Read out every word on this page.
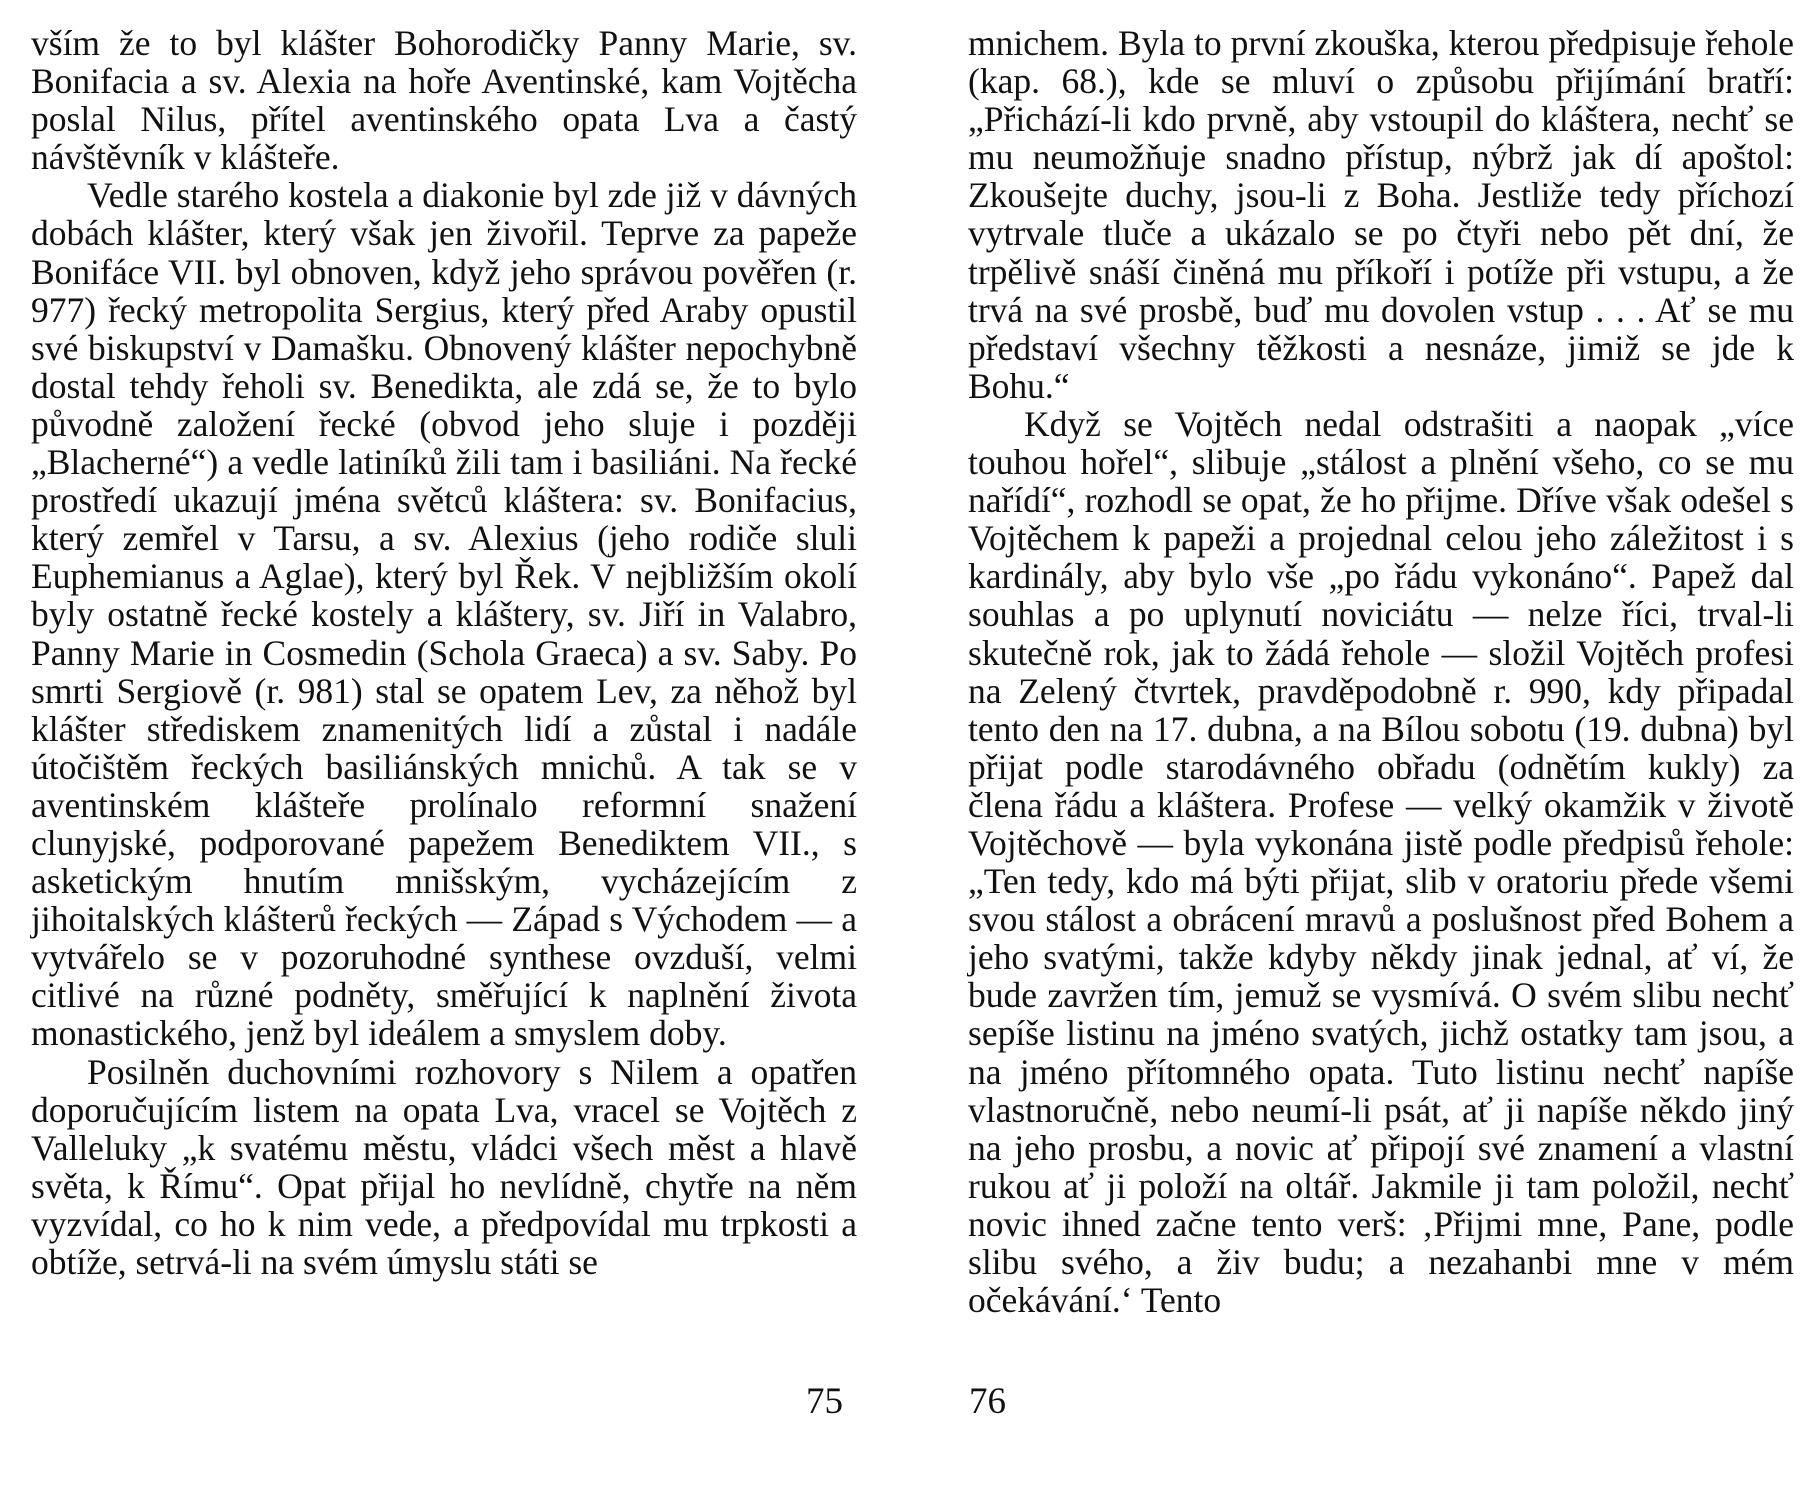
vším že to byl klášter Bohorodičky Panny Marie, sv. Bonifacia a sv. Alexia na hoře Aventinské, kam Vojtěcha poslal Nilus, přítel aventinského opata Lva a častý návštěvník v klášteře.

Vedle starého kostela a diakonie byl zde již v dávných dobách klášter, který však jen živořil. Teprve za papeže Bonifáce VII. byl obnoven, když jeho správou pověřen (r. 977) řecký metropolita Sergius, který před Araby opustil své biskupství v Damašku. Obnovený klášter nepochybně dostal tehdy řeholi sv. Benedikta, ale zdá se, že to bylo původně založení řecké (obvod jeho sluje i později „Blacherné“) a vedle latiníků žili tam i basiliáni. Na řecké prostředí ukazují jména světců kláštera: sv. Bonifacius, který zemřel v Tarsu, a sv. Alexius (jeho rodiče sluli Euphemianus a Aglae), který byl Řek. V nejbližším okolí byly ostatně řecké kostely a kláštery, sv. Jiří in Valabro, Panny Marie in Cosmedin (Schola Graeca) a sv. Saby. Po smrti Sergiově (r. 981) stal se opatem Lev, za něhož byl klášter střediskem znamenitých lidí a zůstal i nadále útočištěm řeckých basiliánských mnichů. A tak se v aventinském klášteře prolínalo reformní snažení clunyjské, podporované papežem Benediktem VII., s asketickým hnutím mnišským, vycházejícím z jihoitalských klášterů řeckých — Západ s Východem — a vytvářelo se v pozoruhodné synthese ovzduší, velmi citlivé na různé podněty, směřující k naplnění života monastického, jenž byl ideálem a smyslem doby.

Posilněn duchovními rozhovory s Nilem a opatřen doporučujícím listem na opata Lva, vracel se Vojtěch z Valleluky „k svatému městu, vládci všech měst a hlavě světa, k Římu“. Opat přijal ho nevlídně, chytře na něm vyzvídal, co ho k nim vede, a předpovídal mu trpkosti a obtíže, setrvá-li na svém úmyslu státi se

75

mnichem. Byla to první zkouška, kterou předpisuje řehole (kap. 68.), kde se mluví o způsobu přijímání bratří: „Přichází-li kdo prvně, aby vstoupil do kláštera, nechť se mu neumožňuje snadno přístup, nýbrž jak dí apoštol: Zkoušejte duchy, jsou-li z Boha. Jestliže tedy příchozí vytrvale tluče a ukázalo se po čtyři nebo pět dní, že trpělivě snáší činěná mu příkoří i potíže při vstupu, a že trvá na své prosbě, buď mu dovolen vstup . . . Ať se mu představí všechny těžkosti a nesnáze, jimiž se jde k Bohu.“

Když se Vojtěch nedal odstrašiti a naopak „více touhou hořel“, slibuje „stálost a plnění všeho, co se mu nařídí“, rozhodl se opat, že ho přijme. Dříve však odešel s Vojtěchem k papeži a projednal celou jeho záležitost i s kardinály, aby bylo vše „po řádu vykonáno“. Papež dal souhlas a po uplynutí noviciátu — nelze říci, trval-li skutečně rok, jak to žádá řehole — složil Vojtěch profesi na Zelený čtvrtek, pravděpodobně r. 990, kdy připadal tento den na 17. dubna, a na Bílou sobotu (19. dubna) byl přijat podle starodávného obřadu (odnětím kukly) za člena řádu a kláštera. Profese — velký okamžik v životě Vojtěchově — byla vykonána jistě podle předpisů řehole: „Ten tedy, kdo má býti přijat, slib v oratoriu přede všemi svou stálost a obrácení mravů a poslušnost před Bohem a jeho svatými, takže kdyby někdy jinak jednal, ať ví, že bude zavržen tím, jemuž se vysmívá. O svém slibu nechť sepíše listinu na jméno svatých, jichž ostatky tam jsou, a na jméno přítomného opata. Tuto listinu nechť napíše vlastnoručně, nebo neumí-li psát, ať ji napíše někdo jiný na jeho prosbu, a novic ať připojí své znamení a vlastní rukou ať ji položí na oltář. Jakmile ji tam položil, nechť novic ihned začne tento verš: ‚Přijmi mne, Pane, podle slibu svého, a živ budu; a nezahanbi mne v mém očekávání.‘ Tento

76
